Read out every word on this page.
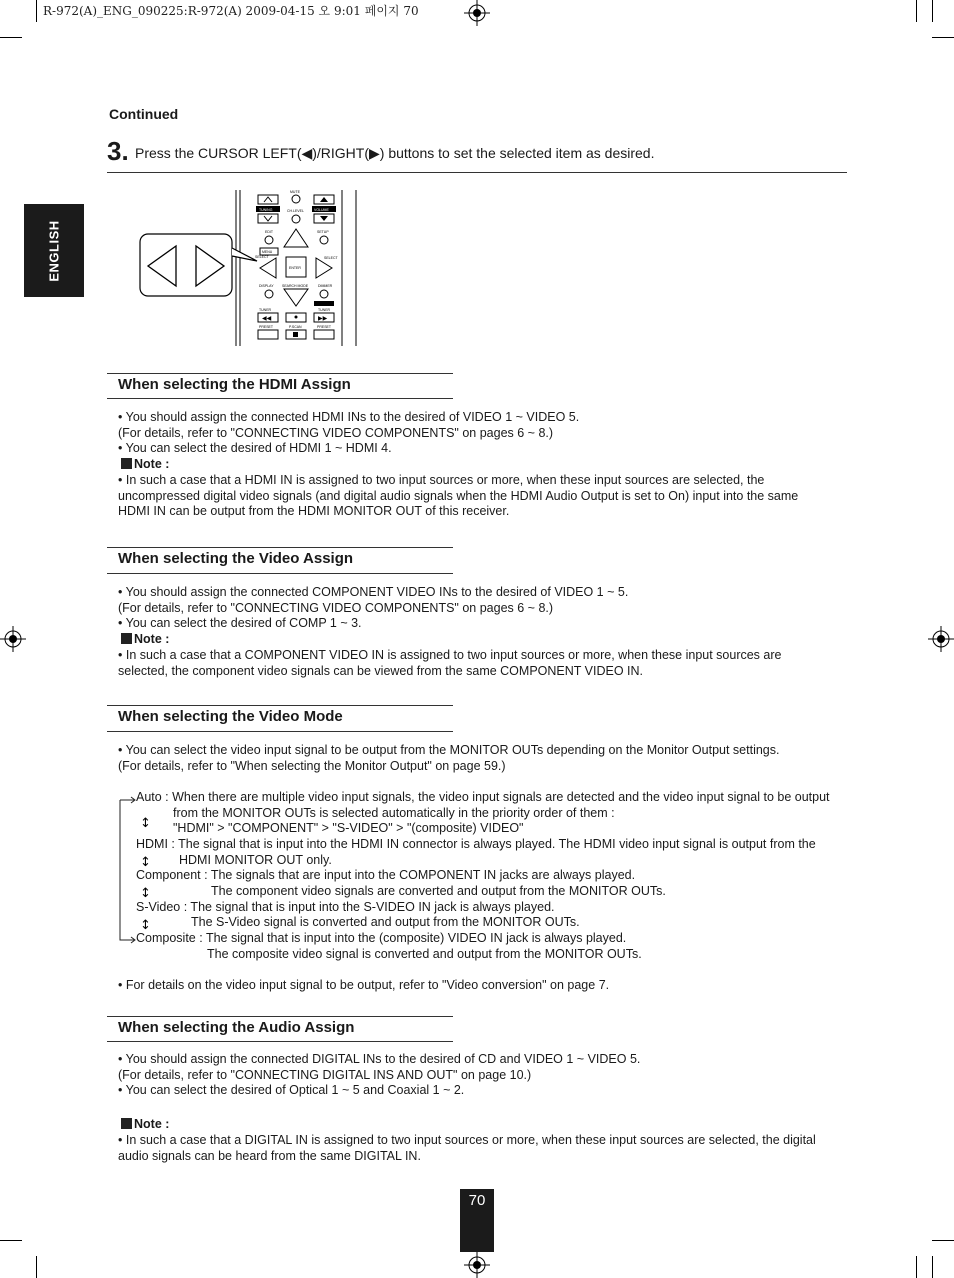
R-972(A)_ENG_090225:R-972(A) 2009-04-15 오 9:01 페이지 70
ENGLISH
Continued
3. Press the CURSOR LEFT(◀)/RIGHT(▶) buttons to set the selected item as desired.
MUTE
TUNING	CH.LEVEL	VOLUME
EDIT	SETUP
MENU
SELECT
ENTER
SELECT
DISPLAY SEARCH MODE	DIMMER
TUNER	TUNER
◀◀	▶▶
PRESET	P.SCAN	PRESET
When selecting the HDMI Assign

• You should assign the connected HDMI INs to the desired of VIDEO 1 ~ VIDEO 5.

(For details, refer to "CONNECTING VIDEO COMPONENTS" on pages 6 ~ 8.)

• You can select the desired of HDMI 1 ~ HDMI 4.

Note :

• In such a case that a HDMI IN is assigned to two input sources or more, when these input sources are selected, the

uncompressed digital video signals (and digital audio signals when the HDMI Audio Output is set to On) input into the same

HDMI IN can be output from the HDMI MONITOR OUT of this receiver.

When selecting the Video Assign

• You should assign the connected COMPONENT VIDEO INs to the desired of VIDEO 1 ~ 5.

(For details, refer to "CONNECTING VIDEO COMPONENTS" on pages 6 ~ 8.)

• You can select the desired of COMP 1 ~ 3.

Note :

• In such a case that a COMPONENT VIDEO IN is assigned to two input sources or more, when these input sources are

selected, the component video signals can be viewed from the same COMPONENT VIDEO IN.

When selecting the Video Mode

• You can select the video input signal to be output from the MONITOR OUTs depending on the Monitor Output settings.

(For details, refer to "When selecting the Monitor Output" on page 59.)

↕
↕
↕
↕

Auto : When there are multiple video input signals, the video input signals are detected and the video input signal to be output

from the MONITOR OUTs is selected automatically in the priority order of them :

"HDMI" > "COMPONENT" > "S-VIDEO" > "(composite) VIDEO"

HDMI : The signal that is input into the HDMI IN connector is always played. The HDMI video input signal is output from the

HDMI MONITOR OUT only.

Component : The signals that are input into the COMPONENT IN jacks are always played.

The component video signals are converted and output from the MONITOR OUTs.

S-Video : The signal that is input into the S-VIDEO IN jack is always played.

The S-Video signal is converted and output from the MONITOR OUTs.

Composite : The signal that is input into the (composite) VIDEO IN jack is always played.

The composite video signal is converted and output from the MONITOR OUTs.

• For details on the video input signal to be output, refer to "Video conversion" on page 7.

When selecting the Audio Assign

• You should assign the connected DIGITAL INs to the desired of CD and VIDEO 1 ~ VIDEO 5.

(For details, refer to "CONNECTING DIGITAL INS AND OUT" on page 10.)

• You can select the desired of Optical 1 ~ 5 and Coaxial 1 ~ 2.

Note :

• In such a case that a DIGITAL IN is assigned to two input sources or more, when these input sources are selected, the digital

audio signals can be heard from the same DIGITAL IN.

70
